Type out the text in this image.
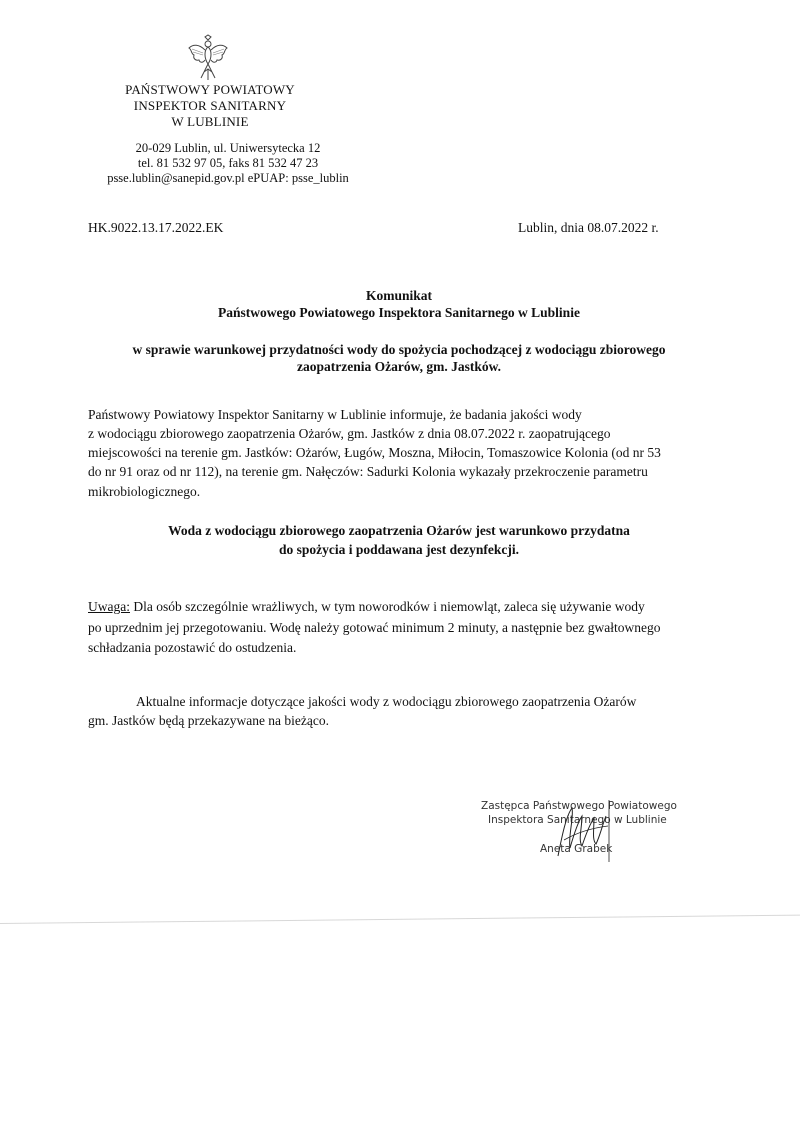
PAŃSTWOWY POWIATOWY
INSPEKTOR SANITARNY
W LUBLINIE
20-029 Lublin, ul. Uniwersytecka 12
tel. 81 532 97 05, faks 81 532 47 23
psse.lublin@sanepid.gov.pl ePUAP: psse_lublin
HK.9022.13.17.2022.EK	Lublin, dnia 08.07.2022 r.
Komunikat
Państwowego Powiatowego Inspektora Sanitarnego w Lublinie
w sprawie warunkowej przydatności wody do spożycia pochodzącej z wodociągu zbiorowego
zaopatrzenia Ożarów, gm. Jastków.
Państwowy Powiatowy Inspektor Sanitarny w Lublinie informuje, że badania jakości wody
z wodociągu zbiorowego zaopatrzenia Ożarów, gm. Jastków z dnia 08.07.2022 r. zaopatrującego
miejscowości na terenie gm. Jastków: Ożarów, Ługów, Moszna, Miłocin, Tomaszowice Kolonia (od nr 53
do nr 91 oraz od nr 112), na terenie gm. Nałęczów: Sadurki Kolonia wykazały przekroczenie parametru
mikrobiologicznego.
Woda z wodociągu zbiorowego zaopatrzenia Ożarów jest warunkowo przydatna
do spożycia i poddawana jest dezynfekcji.
Uwaga: Dla osób szczególnie wrażliwych, w tym noworodków i niemowląt, zaleca się używanie wody
po uprzednim jej przegotowaniu. Wodę należy gotować minimum 2 minuty, a następnie bez gwałtownego
schładzania pozostawić do ostudzenia.
Aktualne informacje dotyczące jakości wody z wodociągu zbiorowego zaopatrzenia Ożarów
gm. Jastków będą przekazywane na bieżąco.
Zastępca Państwowego Powiatowego
Inspektora Sanitarnego w Lublinie
Aneta Grabek
